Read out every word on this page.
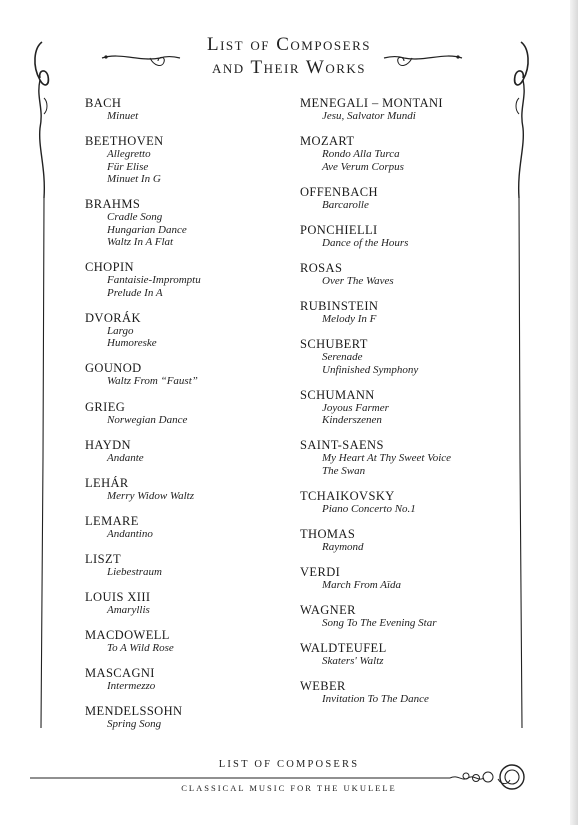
List of Composers
and Their Works
BACH
Minuet
BEETHOVEN
Allegretto
Für Elise
Minuet In G
BRAHMS
Cradle Song
Hungarian Dance
Waltz In A Flat
CHOPIN
Fantaisie-Impromptu
Prelude In A
DVORÁK
Largo
Humoreske
GOUNOD
Waltz From “Faust”
GRIEG
Norwegian Dance
HAYDN
Andante
LEHÁR
Merry Widow Waltz
LEMARE
Andantino
LISZT
Liebestraum
LOUIS XIII
Amaryllis
MACDOWELL
To A Wild Rose
MASCAGNI
Intermezzo
MENDELSSOHN
Spring Song
MENEGALI – MONTANI
Jesu, Salvator Mundi
MOZART
Rondo Alla Turca
Ave Verum Corpus
OFFENBACH
Barcarolle
PONCHIELLI
Dance of the Hours
ROSAS
Over The Waves
RUBINSTEIN
Melody In F
SCHUBERT
Serenade
Unfinished Symphony
SCHUMANN
Joyous Farmer
Kinderszenen
SAINT-SAENS
My Heart At Thy Sweet Voice
The Swan
TCHAIKOVSKY
Piano Concerto No.1
THOMAS
Raymond
VERDI
March From Aïda
WAGNER
Song To The Evening Star
WALDTEUFEL
Skaters' Waltz
WEBER
Invitation To The Dance
LIST OF COMPOSERS
CLASSICAL MUSIC FOR THE UKULELE
